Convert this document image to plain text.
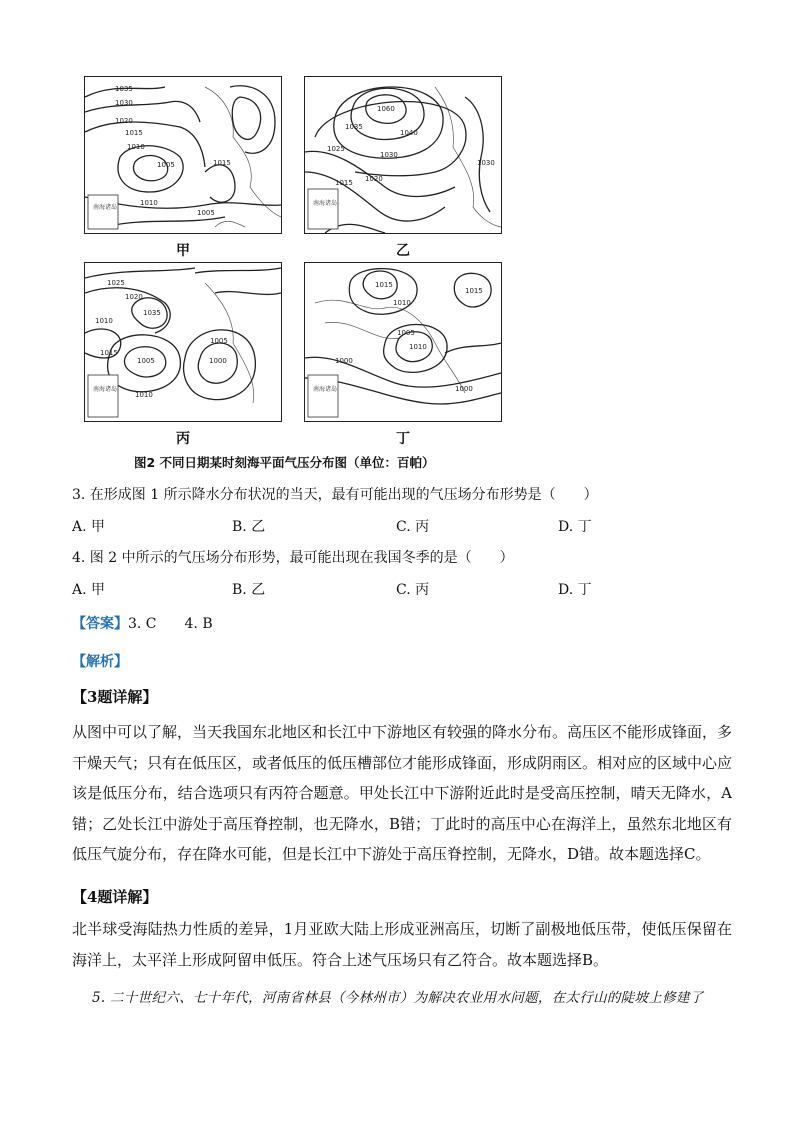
1035
1030
1020
1015
1010
1005	1015
1010
1005
南海诸岛
甲
1060
1040
1035
1030
1025
1020
1015
1030
南海诸岛
乙
1025
1020
1010
1015
1005	1000
1005
1035
1010
南海诸岛
丙
1015
1015
1010
1005
1010
1000
1000
南海诸岛
丁
图2 不同日期某时刻海平面气压分布图（单位：百帕）
3. 在形成图 1 所示降水分布状况的当天，最有可能出现的气压场分布形势是（　　）
A. 甲	B. 乙	C. 丙	D. 丁
4. 图 2 中所示的气压场分布形势，最可能出现在我国冬季的是（　　）
A. 甲	B. 乙	C. 丙	D. 丁
【答案】3. C　　4. B
【解析】
【3题详解】
从图中可以了解，当天我国东北地区和长江中下游地区有较强的降水分布。高压区不能形成锋面，多干燥天气；只有在低压区，或者低压的低压槽部位才能形成锋面，形成阴雨区。相对应的区域中心应该是低压分布，结合选项只有丙符合题意。甲处长江中下游附近此时是受高压控制，晴天无降水，A错；乙处长江中游处于高压脊控制，也无降水，B错；丁此时的高压中心在海洋上，虽然东北地区有低压气旋分布，存在降水可能，但是长江中下游处于高压脊控制，无降水，D错。故本题选择C。
【4题详解】
北半球受海陆热力性质的差异，1月亚欧大陆上形成亚洲高压，切断了副极地低压带，使低压保留在海洋上，太平洋上形成阿留申低压。符合上述气压场只有乙符合。故本题选择B。
5. 二十世纪六、七十年代，河南省林县（今林州市）为解决农业用水问题，在太行山的陡坡上修建了
